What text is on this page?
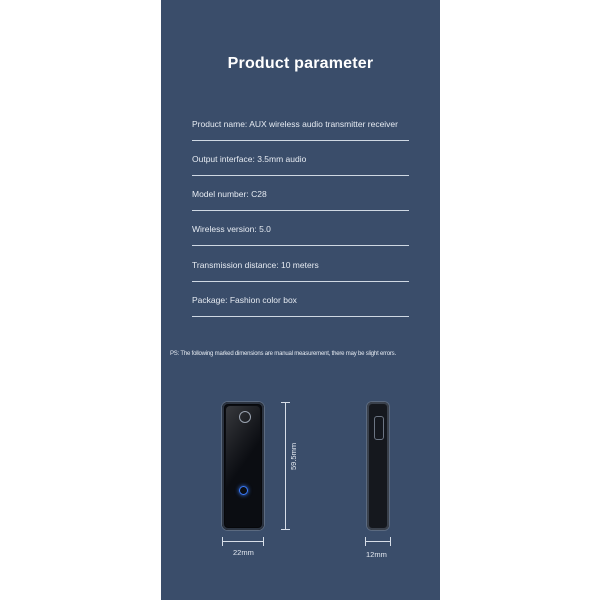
Product parameter
Product name: AUX wireless audio transmitter receiver
Output interface: 3.5mm audio
Model number: C28
Wireless version: 5.0
Transmission distance: 10 meters
Package: Fashion color box
PS: The following marked dimensions are manual measurement, there may be slight errors.
59.5mm
22mm	12mm
